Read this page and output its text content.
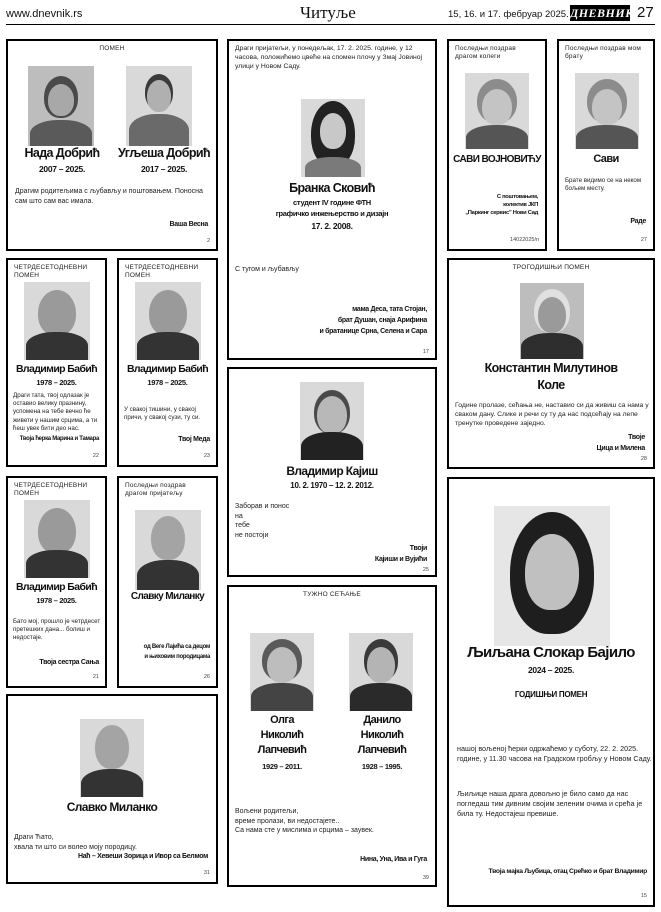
www.dnevnik.rs	Читуље	15, 16. и 17. фебруар 2025. ДНЕВНИК 27
ПОМЕН
Нада Добрић
2007 – 2025.
Угљеша Добрић
2017 – 2025.
Драгим родитељима с љубављу и поштовањем. Поносна сам што сам вас имала.
Ваша Весна
2
Драги пријатељи, у понедељак, 17. 2. 2025. године, у 12 часова, положићемо цвеће на спомен плочу у Змај Јовиној улици у Новом Саду.
Бранка Сковић
студент IV године ФТН
графичко инжењерство и дизајн
17. 2. 2008.
С тугом и љубављу
мама Деса, тата Стојан,
брат Душан, снаја Арифина
и братанице Срна, Селена и Сара
17
Последњи поздрав драгом колеги
САВИ ВОЈНОВИЋУ
С поштовањем,
колектив ЈКП
„Паркинг сервис” Нови Сад
14022025/п
Последњи поздрав мом брату
Сави
Брате видимо се на неком бољем месту.
Раде
27
ЧЕТРДЕСЕТОДНЕВНИ ПОМЕН
Владимир Бабић
1978 – 2025.
Драги тата, твој одлазак је оставио велику празнину, успомена на тебе вечно ће живети у нашим срцима, а ти ћеш увек бити део нас.
Твоја ћерка Марина и Тамара
22
ЧЕТРДЕСЕТОДНЕВНИ ПОМЕН
Владимир Бабић
1978 – 2025.
У свакој тишини, у свакој причи, у свакој сузи, ту си.
Твој Меда
23
ТРОГОДИШЊИ ПОМЕН
Константин Милутинов
Коле
Године пролазе, сећања не, наставио си да живиш са нама у сваком дану. Слике и речи су ту да нас подсећају на лепе тренутке проведене заједно.
Твоје
Цица и Милена
28
Владимир Кајиш
10. 2. 1970 – 12. 2. 2012.
Заборав и понос
на
тебе
не постоји
Твоји
Кајиши и Вујићи
25
ЧЕТРДЕСЕТОДНЕВНИ ПОМЕН
Владимир Бабић
1978 – 2025.
Бато мој, прошло је четрдесет претешких дана... болиш и недостаје.
Твоја сестра Сања
21
Последњи поздрав драгом пријатељу
Славку Миланку
од Веге Лајића са децом
и њиховим породицама
26
ТУЖНО СЕЋАЊЕ
Олга
Николић
Лапчевић
1929 – 2011.
Данило
Николић
Лапчевић
1928 – 1995.
Вољени родитељи,
време пролази, ви недостајете..
Са нама сте у мислима и срцима – заувек.
Нина, Уна, Ива и Гуга
39
Љиљана Слокар Бајило
2024 – 2025.
ГОДИШЊИ ПОМЕН
нашој вољеној ћерки одржаћемо у суботу, 22. 2. 2025. године, у 11.30 часова на Градском гробљу у Новом Саду.
Љиљице наша драга довољно је било само да нас погледаш тим дивним својим зеленим очима и срећа је била ту. Недостајеш превише.
Твоја мајка Љубица, отац Срећко и брат Владимир
15
Славко Миланко
Драги Ћато,
хвала ти што си волео моју породицу.
Наћ – Хевеши Зорица и Ивор са Белмом
31
